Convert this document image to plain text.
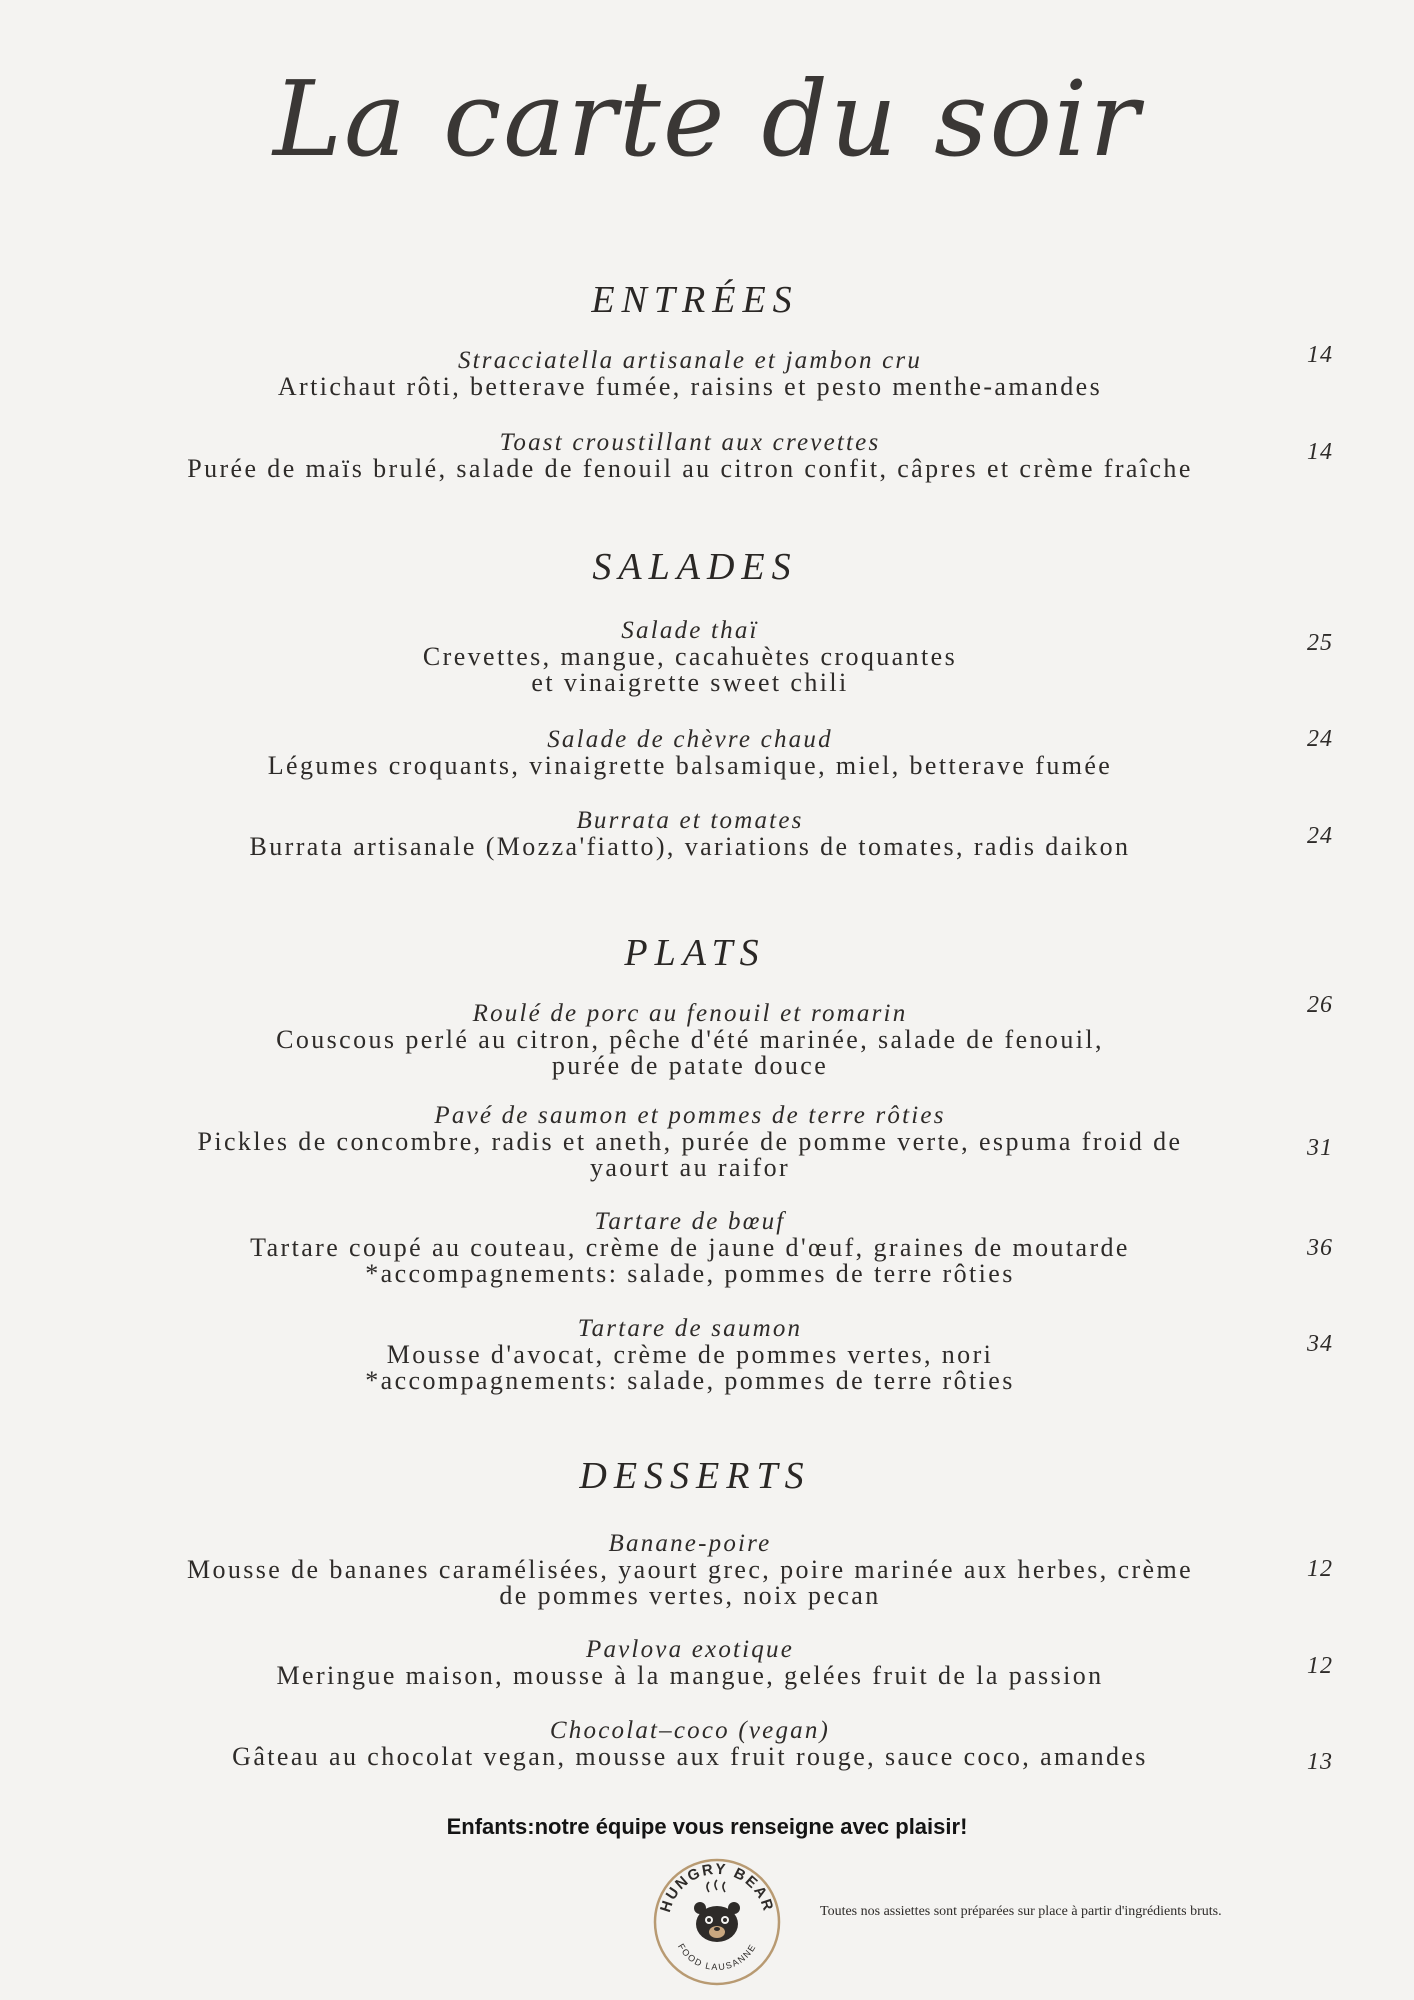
La carte du soir
ENTRÉES
Stracciatella artisanale et jambon cru
Artichaut rôti, betterave fumée, raisins et pesto menthe-amandes
14
Toast croustillant aux crevettes
Purée de maïs brulé, salade de fenouil au citron confit, câpres et crème fraîche
14
SALADES
Salade thaï
Crevettes, mangue, cacahuètes croquantes
et vinaigrette sweet chili
25
Salade de chèvre chaud
Légumes croquants, vinaigrette balsamique, miel, betterave fumée
24
Burrata et tomates
Burrata artisanale (Mozza'fiatto), variations de tomates, radis daikon	24
PLATS
Roulé de porc au fenouil et romarin
Couscous perlé au citron, pêche d'été marinée, salade de fenouil,
purée de patate douce
26
Pavé de saumon et pommes de terre rôties
Pickles de concombre, radis et aneth, purée de pomme verte, espuma froid de
yaourt au raifor
31
Tartare de bœuf
Tartare coupé au couteau, crème de jaune d'œuf, graines de moutarde
*accompagnements: salade, pommes de terre rôties
36
Tartare de saumon
Mousse d'avocat, crème de pommes vertes, nori
*accompagnements: salade, pommes de terre rôties
34
DESSERTS
Banane-poire
Mousse de bananes caramélisées, yaourt grec, poire marinée aux herbes, crème
de pommes vertes, noix pecan
12
Pavlova exotique
Meringue maison, mousse à la mangue, gelées fruit de la passion	12
Chocolat–coco (vegan)
Gâteau au chocolat vegan, mousse aux fruit rouge, sauce coco, amandes	13
Enfants:notre équipe vous renseigne avec plaisir!
HUNGRY BEAR
FOOD LAUSANNE
Toutes nos assiettes sont préparées sur place à partir d'ingrédients bruts.
